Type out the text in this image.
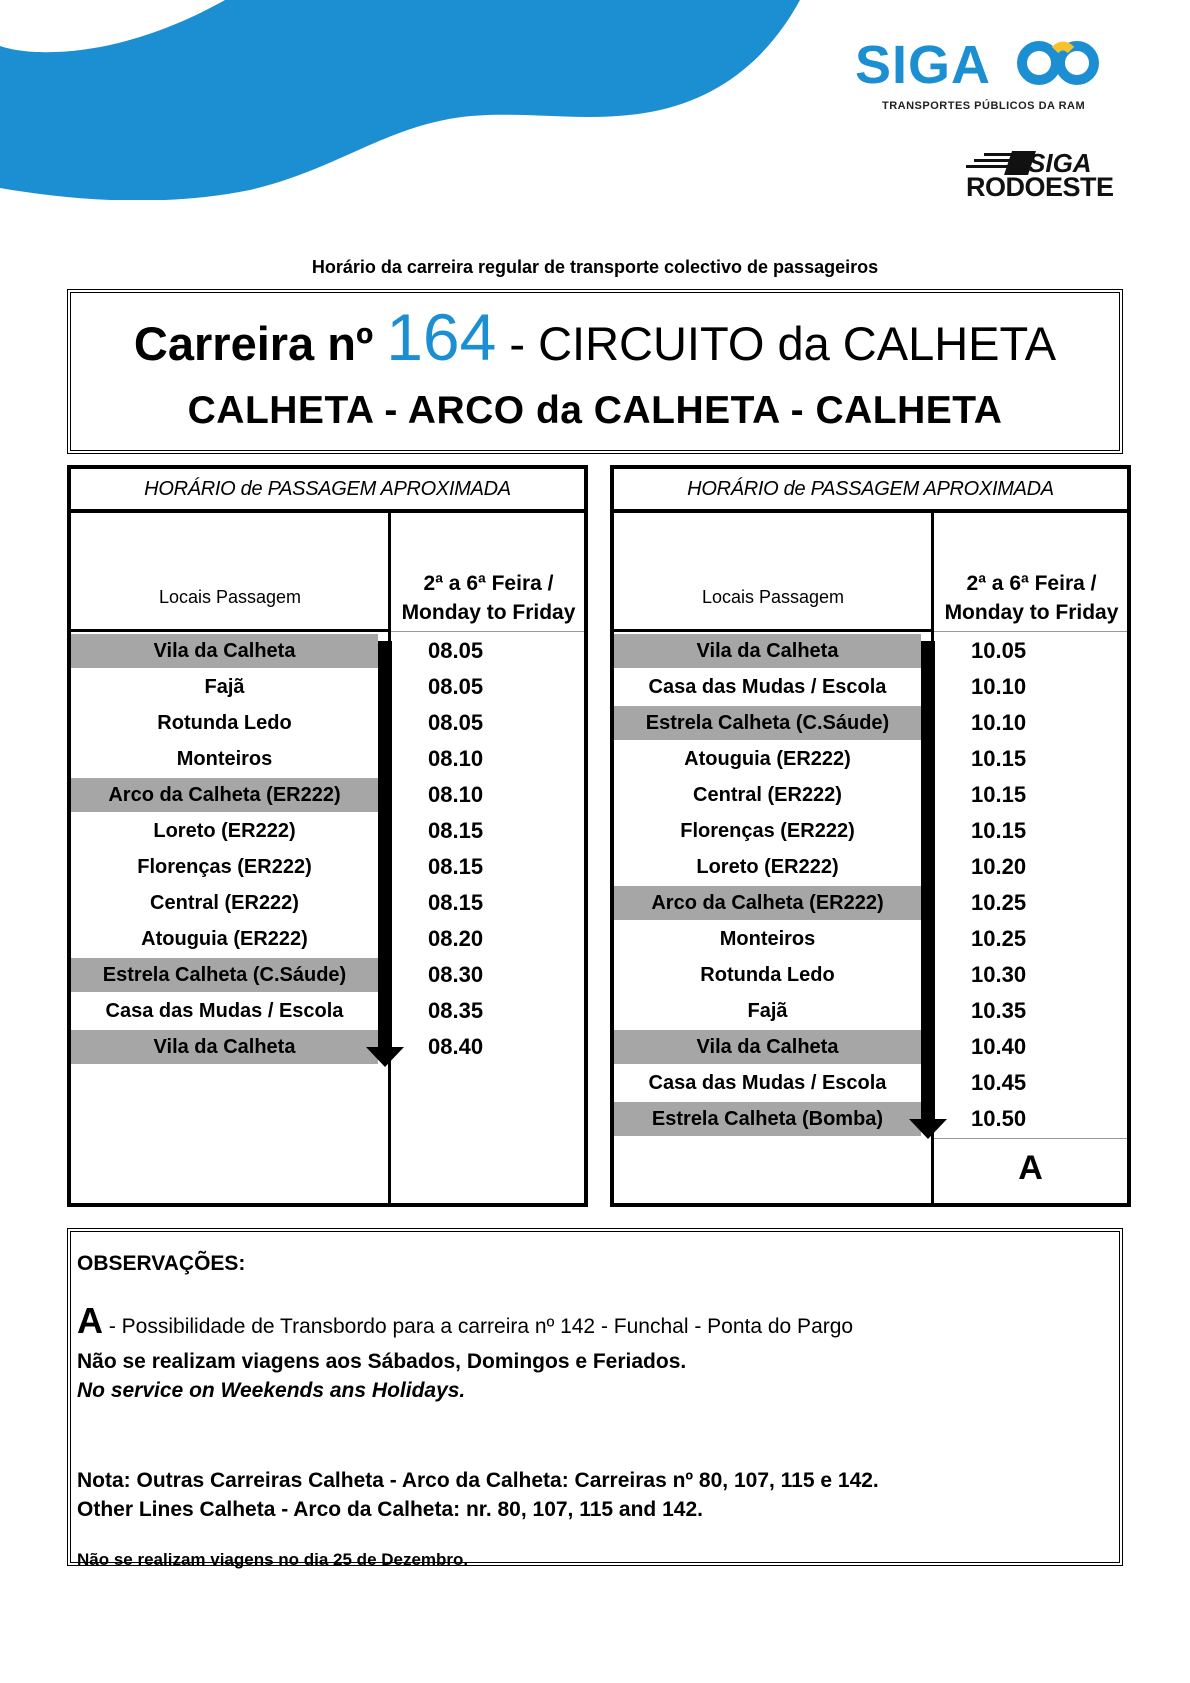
SIGA
TRANSPORTES PÚBLICOS DA RAM
SIGA
RODOESTE
Horário da carreira regular de transporte colectivo de passageiros
Carreira nº 164 - CIRCUITO da CALHETA
CALHETA - ARCO da CALHETA - CALHETA
HORÁRIO de PASSAGEM APROXIMADA
Locais Passagem
2ª a 6ª Feira /
Monday to Friday
Vila da Calheta	08.05
Fajã	08.05
Rotunda Ledo	08.05
Monteiros	08.10
Arco da Calheta (ER222)	08.10
Loreto (ER222)	08.15
Florenças (ER222)	08.15
Central (ER222)	08.15
Atouguia (ER222)	08.20
Estrela Calheta (C.Sáude)	08.30
Casa das Mudas / Escola	08.35
Vila da Calheta	08.40
HORÁRIO de PASSAGEM APROXIMADA
Locais Passagem
2ª a 6ª Feira /
Monday to Friday
Vila da Calheta	10.05
Casa das Mudas / Escola	10.10
Estrela Calheta (C.Sáude)	10.10
Atouguia (ER222)	10.15
Central (ER222)	10.15
Florenças (ER222)	10.15
Loreto (ER222)	10.20
Arco da Calheta (ER222)	10.25
Monteiros	10.25
Rotunda Ledo	10.30
Fajã	10.35
Vila da Calheta	10.40
Casa das Mudas / Escola	10.45
Estrela Calheta (Bomba)	10.50
A
OBSERVAÇÕES:
A - Possibilidade de Transbordo para a carreira nº 142 - Funchal - Ponta do Pargo
Não se realizam viagens aos Sábados, Domingos e Feriados.
No service on Weekends ans Holidays.
Nota: Outras Carreiras Calheta - Arco da Calheta: Carreiras nº 80, 107, 115 e 142.
Other Lines Calheta - Arco da Calheta: nr. 80, 107, 115 and 142.
Não se realizam viagens no dia 25 de Dezembro.
